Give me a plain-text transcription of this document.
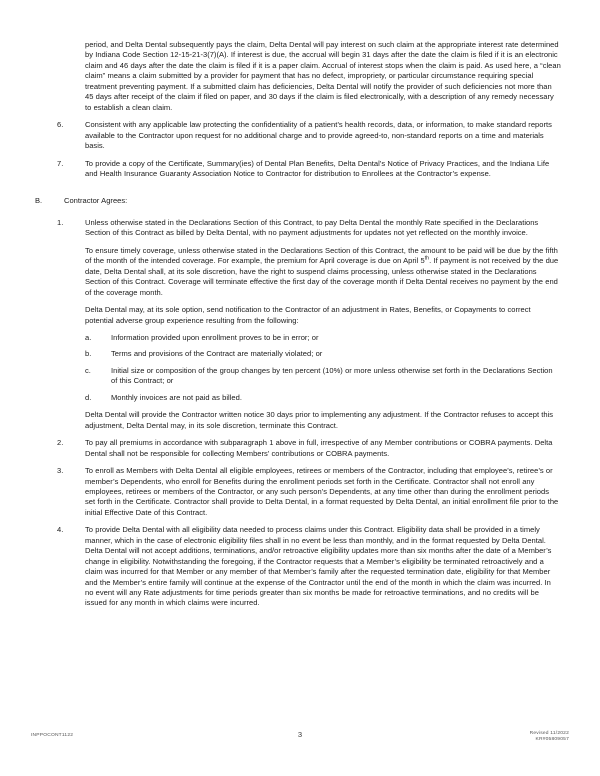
period, and Delta Dental subsequently pays the claim, Delta Dental will pay interest on such claim at the appropriate interest rate determined by Indiana Code Section 12-15-21-3(7)(A). If interest is due, the accrual will begin 31 days after the date the claim is filed if it is an electronic claim and 46 days after the date the claim is filed if it is a paper claim. Accrual of interest stops when the claim is paid. As used here, a “clean claim” means a claim submitted by a provider for payment that has no defect, impropriety, or particular circumstance requiring special treatment preventing payment. If a submitted claim has deficiencies, Delta Dental will notify the provider of such deficiencies not more than 45 days after receipt of the claim if filed on paper, and 30 days if the claim is filed electronically, with a description of any remedy necessary to establish a clean claim.

6.	Consistent with any applicable law protecting the confidentiality of a patient’s health records, data, or information, to make standard reports available to the Contractor upon request for no additional charge and to provide agreed-to, non-standard reports on a time and materials basis.
7.	To provide a copy of the Certificate, Summary(ies) of Dental Plan Benefits, Delta Dental’s Notice of Privacy Practices, and the Indiana Life and Health Insurance Guaranty Association Notice to Contractor for distribution to Enrollees at the Contractor’s expense.
B.	Contractor Agrees:
1.	Unless otherwise stated in the Declarations Section of this Contract, to pay Delta Dental the monthly Rate specified in the Declarations Section of this Contract as billed by Delta Dental, with no payment adjustments for updates not yet reflected on the monthly invoice.

To ensure timely coverage, unless otherwise stated in the Declarations Section of this Contract, the amount to be paid will be due by the fifth of the month of the intended coverage. For example, the premium for April coverage is due on April 5th. If payment is not received by the due date, Delta Dental shall, at its sole discretion, have the right to suspend claims processing, unless otherwise stated in the Declarations Section of this Contract. Coverage will terminate effective the first day of the coverage month if Delta Dental receives no payment by the end of the coverage month.

Delta Dental may, at its sole option, send notification to the Contractor of an adjustment in Rates, Benefits, or Copayments to correct potential adverse group experience resulting from the following:

a.	Information provided upon enrollment proves to be in error; or
b.	Terms and provisions of the Contract are materially violated; or
c.	Initial size or composition of the group changes by ten percent (10%) or more unless otherwise set forth in the Declarations Section of this Contract; or
d.	Monthly invoices are not paid as billed.

Delta Dental will provide the Contractor written notice 30 days prior to implementing any adjustment. If the Contractor refuses to accept this adjustment, Delta Dental may, in its sole discretion, terminate this Contract.

2.	To pay all premiums in accordance with subparagraph 1 above in full, irrespective of any Member contributions or COBRA payments. Delta Dental shall not be responsible for collecting Members’ contributions or COBRA payments.
3.	To enroll as Members with Delta Dental all eligible employees, retirees or members of the Contractor, including that employee’s, retiree’s or member’s Dependents, who enroll for Benefits during the enrollment periods set forth in the Certificate. Contractor shall not enroll any employees, retirees or members of the Contractor, or any such person’s Dependents, at any time other than during the enrollment periods set forth in the Certificate. Contractor shall provide to Delta Dental, in a format requested by Delta Dental, an initial enrollment file prior to the initial Effective Date of this Contract.
4.	To provide Delta Dental with all eligibility data needed to process claims under this Contract. Eligibility data shall be provided in a timely manner, which in the case of electronic eligibility files shall in no event be less than monthly, and in the format requested by Delta Dental. Delta Dental will not accept additions, terminations, and/or retroactive eligibility updates more than six months after the date of a Member’s change in eligibility. Notwithstanding the foregoing, if the Contractor requests that a Member’s eligibility be terminated retroactively and a claim was incurred for that Member or any member of that Member’s family after the requested termination date, eligibility for that Member and the Member’s entire family will continue at the expense of the Contractor until the end of the month in which the claim was incurred. In no event will any Rate adjustments for time periods greater than six months be made for retroactive terminations, and no credits will be issued for any month in which claims were incurred.
INPPOCONT1122	3	Revised 11/2022
KR#05809057
